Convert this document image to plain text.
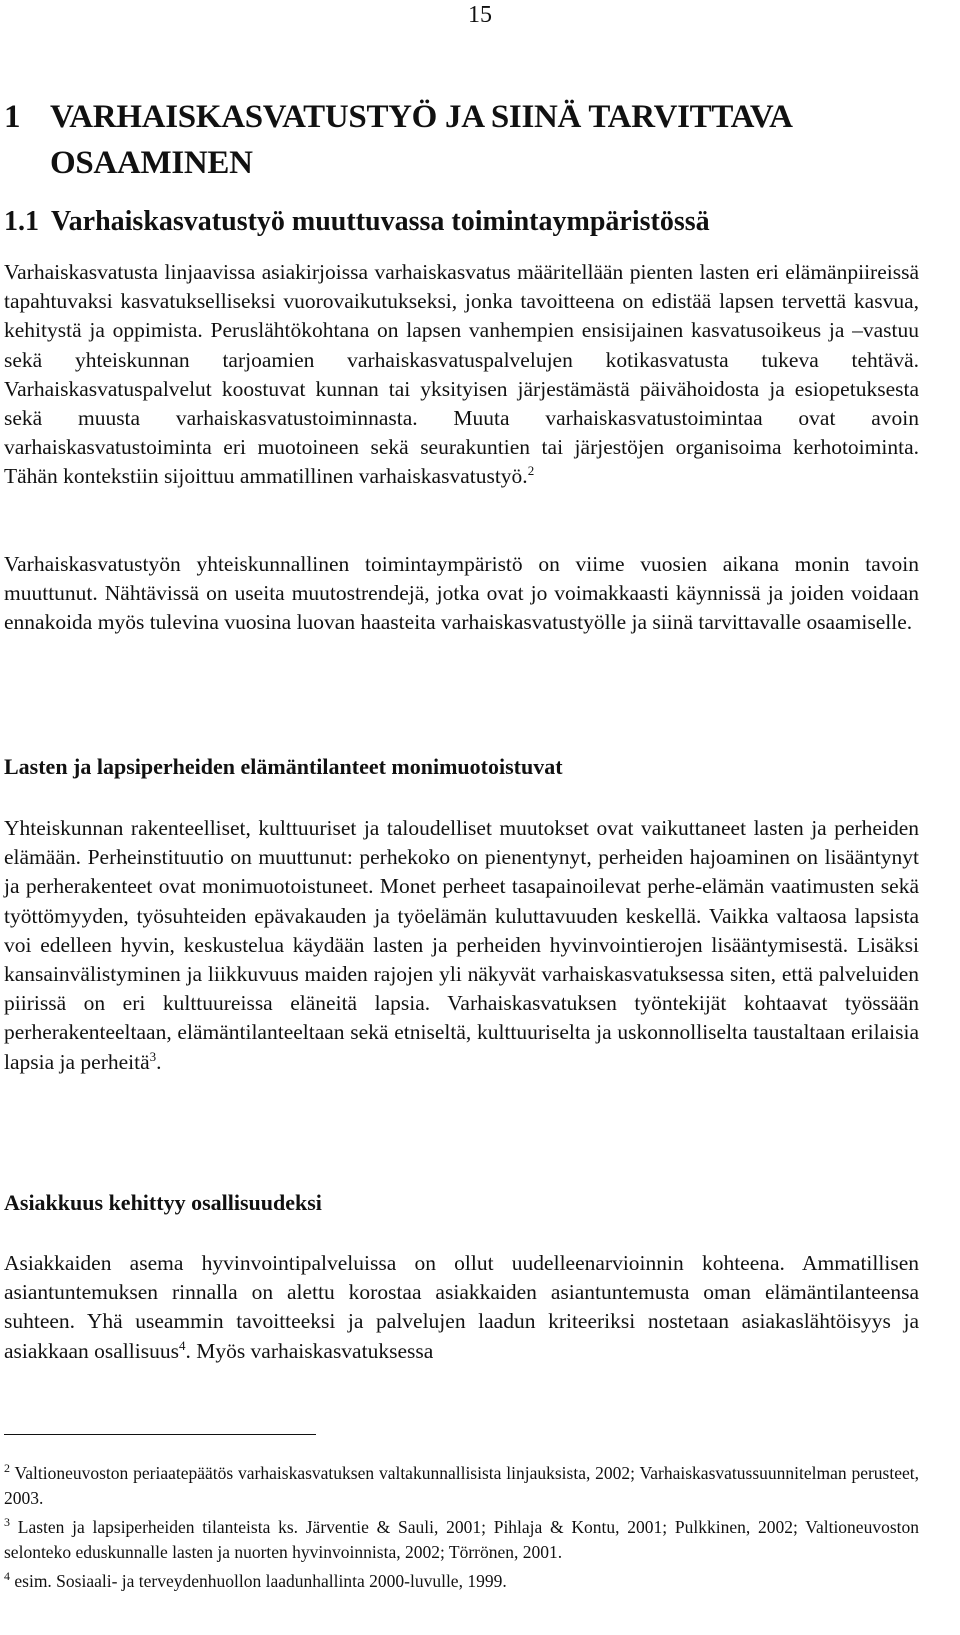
15
1 VARHAISKASVATUSTYÖ JA SIINÄ TARVITTAVA OSAAMINEN
1.1 Varhaiskasvatustyö muuttuvassa toimintaympäristössä

Varhaiskasvatusta linjaavissa asiakirjoissa varhaiskasvatus määritellään pienten lasten eri elämänpiireissä tapahtuvaksi kasvatukselliseksi vuorovaikutukseksi, jonka tavoitteena on edistää lapsen tervettä kasvua, kehitystä ja oppimista. Peruslähtökohtana on lapsen vanhempien ensisijainen kasvatusoikeus ja –vastuu sekä yhteiskunnan tarjoamien varhaiskasvatuspalvelujen kotikasvatusta tukeva tehtävä. Varhaiskasvatuspalvelut koostuvat kunnan tai yksityisen järjestämästä päivähoidosta ja esiopetuksesta sekä muusta varhaiskasvatustoiminnasta. Muuta varhaiskasvatustoimintaa ovat avoin varhaiskasvatustoiminta eri muotoineen sekä seurakuntien tai järjestöjen organisoima kerhotoiminta. Tähän kontekstiin sijoittuu ammatillinen varhaiskasvatustyö.$^2$

Varhaiskasvatustyön yhteiskunnallinen toimintaympäristö on viime vuosien aikana monin tavoin muuttunut. Nähtävissä on useita muutostrendejä, jotka ovat jo voimakkaasti käynnissä ja joiden voidaan ennakoida myös tulevina vuosina luovan haasteita varhaiskasvatustyölle ja siinä tarvittavalle osaamiselle.

Lasten ja lapsiperheiden elämäntilanteet monimuotoistuvat

Yhteiskunnan rakenteelliset, kulttuuriset ja taloudelliset muutokset ovat vaikuttaneet lasten ja perheiden elämään. Perheinstituutio on muuttunut: perhekoko on pienentynyt, perheiden hajoaminen on lisääntynyt ja perherakenteet ovat monimuotoistuneet. Monet perheet tasapainoilevat perhe-elämän vaatimusten sekä työttömyyden, työsuhteiden epävakauden ja työelämän kuluttavuuden keskellä. Vaikka valtaosa lapsista voi edelleen hyvin, keskustelua käydään lasten ja perheiden hyvinvointierojen lisääntymisestä. Lisäksi kansainvälistyminen ja liikkuvuus maiden rajojen yli näkyvät varhaiskasvatuksessa siten, että palveluiden piirissä on eri kulttuureissa eläneitä lapsia. Varhaiskasvatuksen työntekijät kohtaavat työssään perherakenteeltaan, elämäntilanteeltaan sekä etniseltä, kulttuuriselta ja uskonnolliselta taustaltaan erilaisia lapsia ja perheitä$^3$.

Asiakkuus kehittyy osallisuudeksi

Asiakkaiden asema hyvinvointipalveluissa on ollut uudelleenarvioinnin kohteena. Ammatillisen asiantuntemuksen rinnalla on alettu korostaa asiakkaiden asiantuntemusta oman elämäntilanteensa suhteen. Yhä useammin tavoitteeksi ja palvelujen laadun kriteeriksi nostetaan asiakaslähtöisyys ja asiakkaan osallisuus$^4$. Myös varhaiskasvatuksessa

$^2$ Valtioneuvoston periaatepäätös varhaiskasvatuksen valtakunnallisista linjauksista, 2002; Varhaiskasvatussuunnitelman perusteet, 2003.

$^3$ Lasten ja lapsiperheiden tilanteista ks. Järventie & Sauli, 2001; Pihlaja & Kontu, 2001; Pulkkinen, 2002; Valtioneuvoston selonteko eduskunnalle lasten ja nuorten hyvinvoinnista, 2002; Törrönen, 2001.

$^4$ esim. Sosiaali- ja terveydenhuollon laadunhallinta 2000-luvulle, 1999.
